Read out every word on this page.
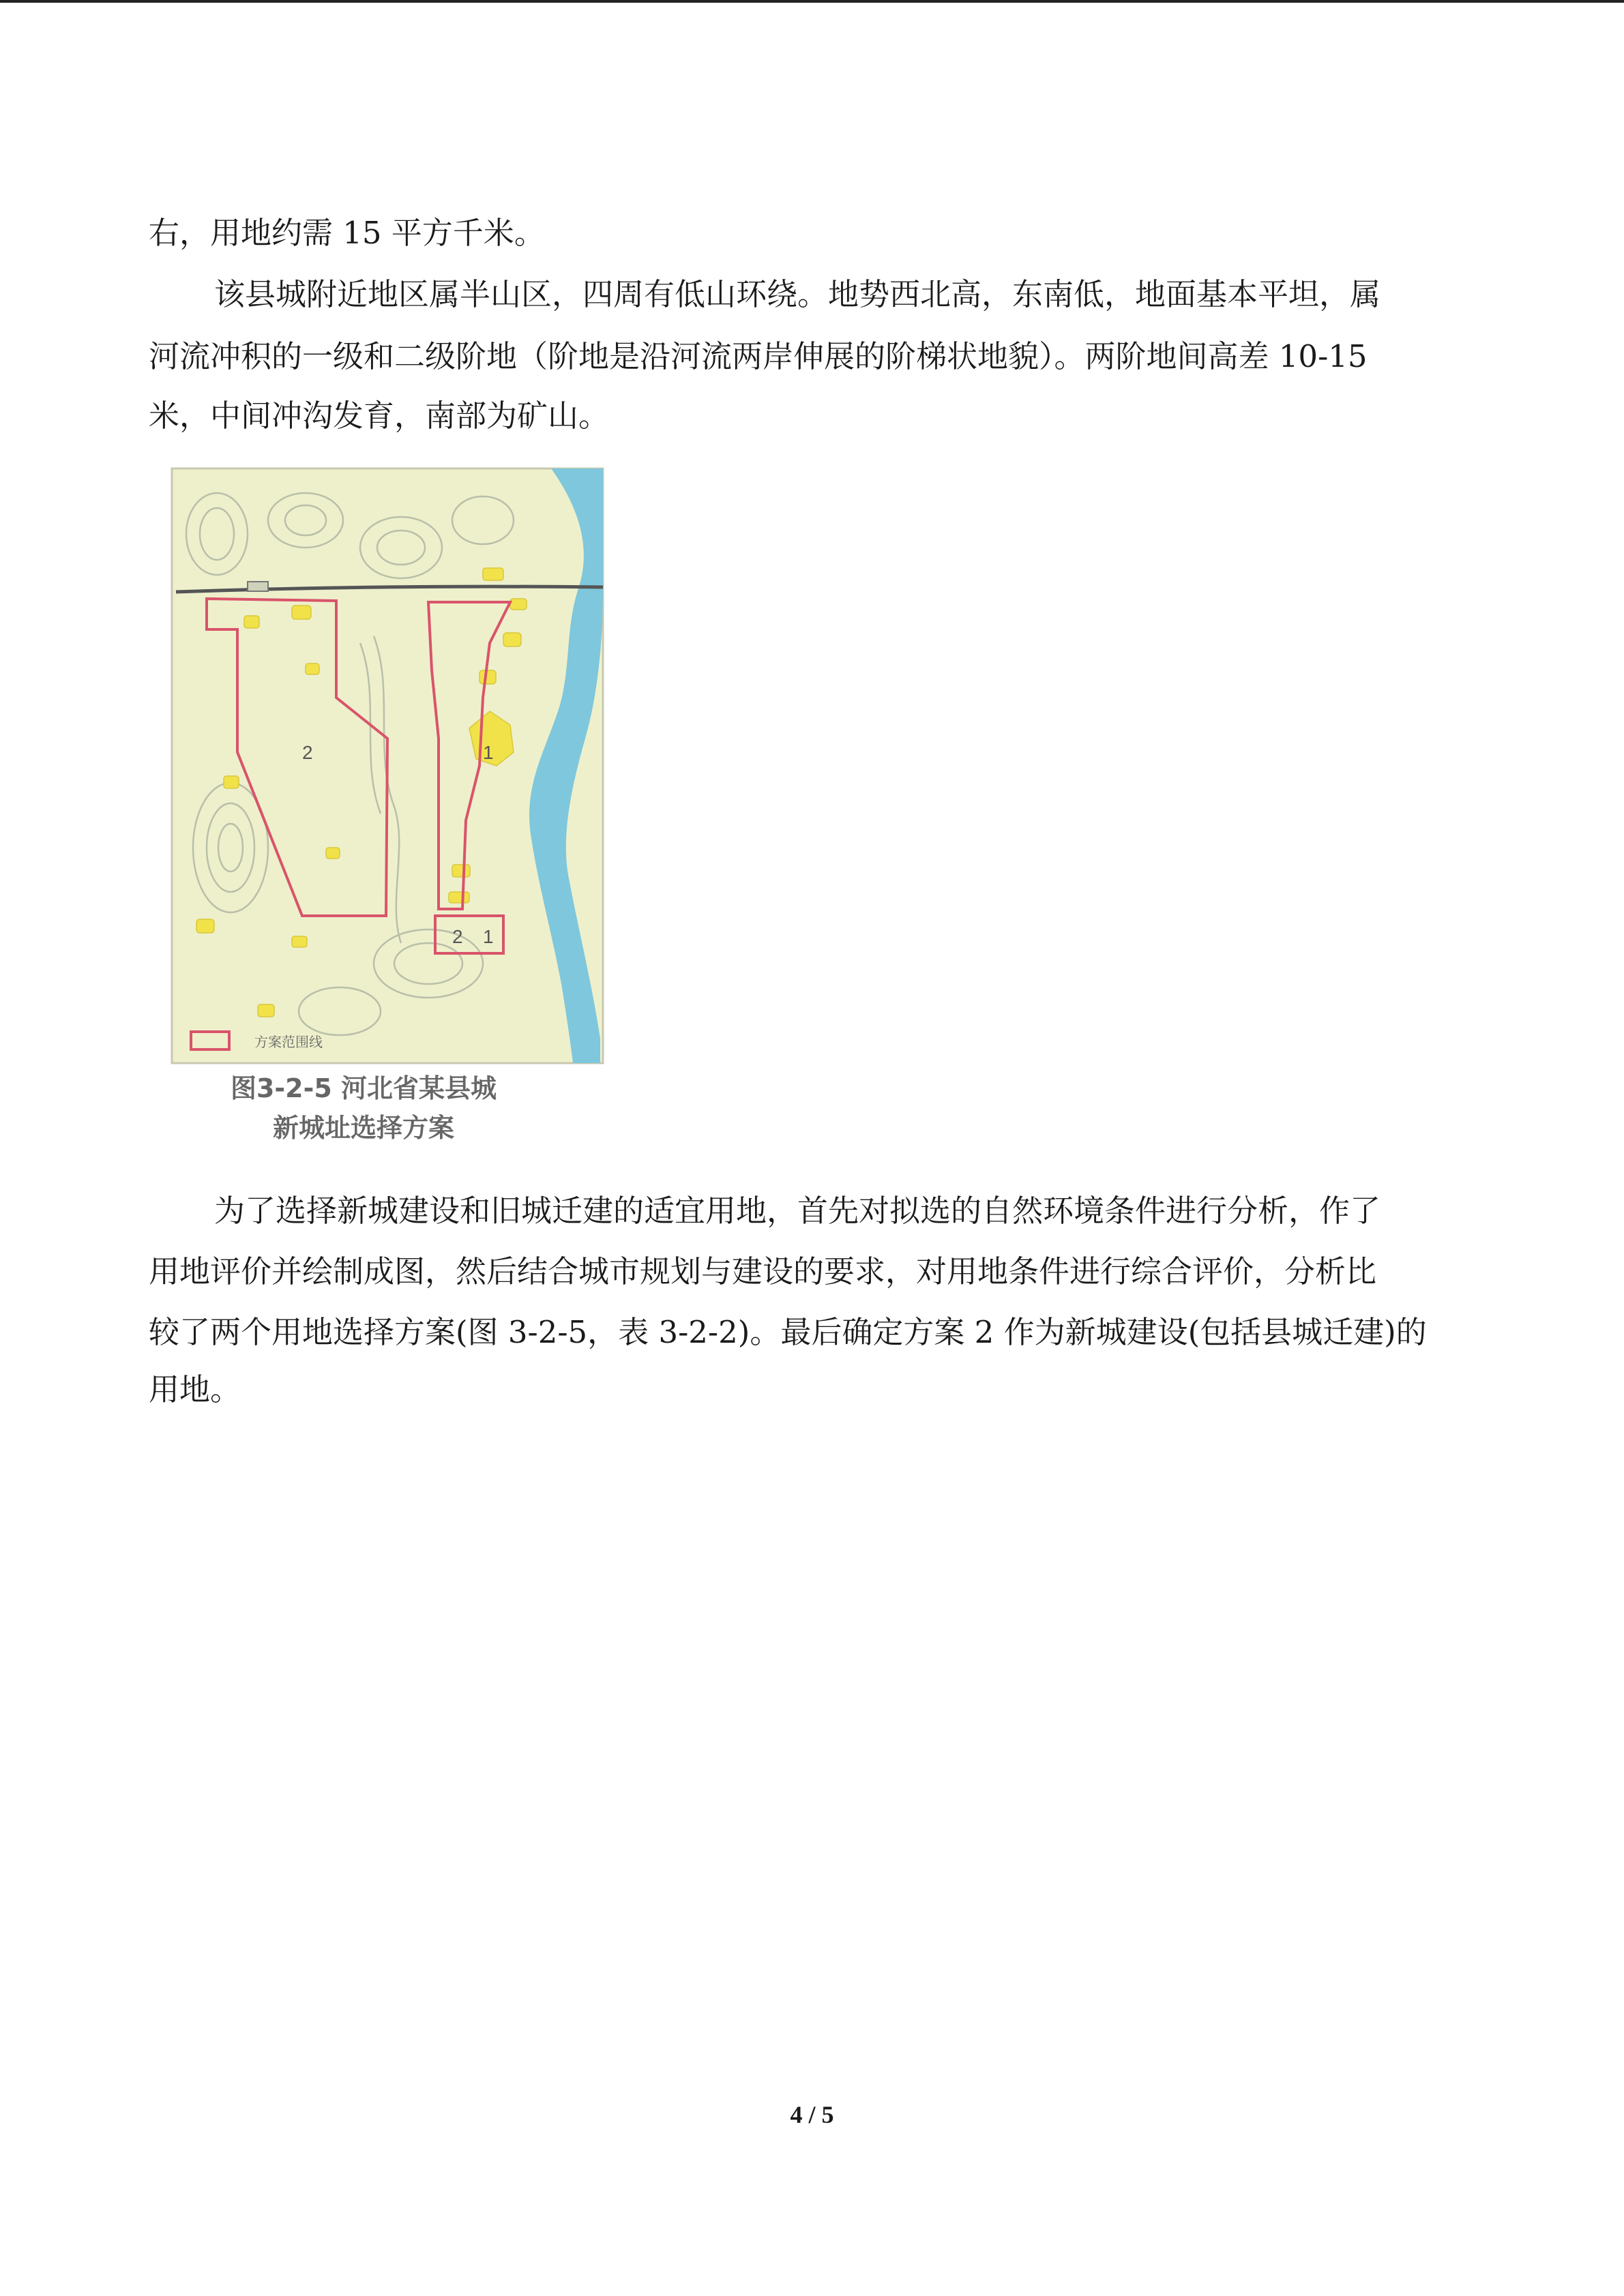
右，用地约需 15 平方千米。
该县城附近地区属半山区，四周有低山环绕。地势西北高，东南低，地面基本平坦，属
河流冲积的一级和二级阶地（阶地是沿河流两岸伸展的阶梯状地貌）。两阶地间高差 10-15
米，中间冲沟发育，南部为矿山。
2	1
2 1
方案范围线
图3-2-5 河北省某县城
新城址选择方案
为了选择新城建设和旧城迁建的适宜用地，首先对拟选的自然环境条件进行分析，作了
用地评价并绘制成图，然后结合城市规划与建设的要求，对用地条件进行综合评价，分析比
较了两个用地选择方案(图 3-2-5，表 3-2-2)。最后确定方案 2 作为新城建设(包括县城迁建)的
用地。
4 / 5
